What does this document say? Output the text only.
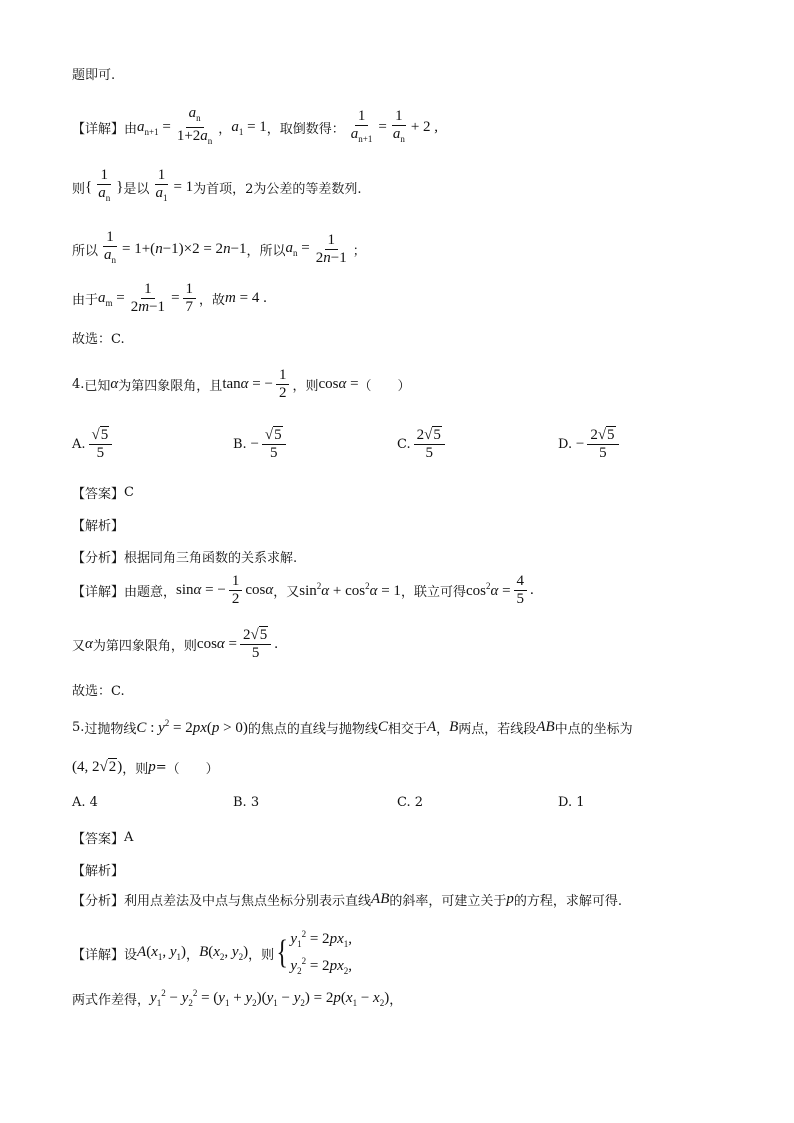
题即可.
【详解】 由 $a_{n+1} = \frac{a_n}{1+2a_n}$ ， $a_1 = 1$ ，取倒数得： $\frac{1}{a_{n+1}} = \frac{1}{a_n} + 2$ ,
则 { $\frac{1}{a_n}$ } 是以 $\frac{1}{a_1} = 1$ 为首项，2为公差的等差数列.
所以 $\frac{1}{a_n} = 1+(n-1)\times 2 = 2n-1$ ，所以 $a_n = \frac{1}{2n-1}$ ；
由于 $a_m = \frac{1}{2m-1} = \frac{1}{7}$ ，故 m = 4 .
故选：C.
4. 已知 α 为第四象限角，且 tanα = − $\frac{1}{2}$ ，则 cosα = （　　）
A. $\frac{√5}{5}$	B. − $\frac{√5}{5}$	C. $\frac{2√5}{5}$	D. − $\frac{2√5}{5}$
【答案】 C
【解析】
【分析】 根据同角三角函数的关系求解.
【详解】 由题意， sinα = − $\frac{1}{2}$ cosα ，又 $\sin^2\alpha + \cos^2\alpha = 1$ ，联立可得 $\cos^2\alpha = \frac{4}{5}$ .
又 α 为第四象限角，则 $\cos\alpha = \frac{2√5}{5}$ .
故选：C.
5. 过抛物线 C : $y^2 = 2px(p > 0)$ 的焦点的直线与抛物线 C 相交于 A ， B 两点，若线段 AB 中点的坐标为
(4, 2√2) ，则 p = （　　）
A. 4	B. 3	C. 2	D. 1
【答案】 A
【解析】
【分析】 利用点差法及中点与焦点坐标分别表示直线 AB 的斜率，可建立关于 p 的方程，求解可得.
【详解】 设 $A(x_1$, $y_1$) ， $B(x_2$, $y_2$) ，则 { $y_1^2 = 2px_1$,
$y_2^2 = 2px_2$,
两式作差得， $y_1^2 - y_2^2 = (y_1 + y_2)(y_1 - y_2) = 2p(x_1 - x_2)$ ，
